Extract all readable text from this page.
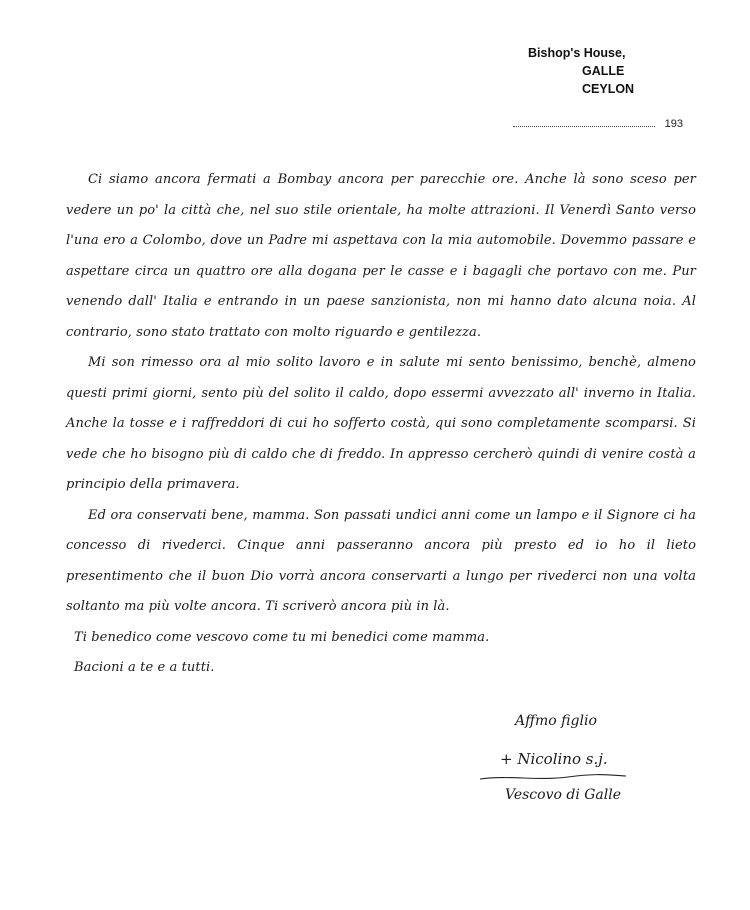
Bishop's House,
GALLE
CEYLON
193

Ci siamo ancora fermati a Bombay ancora per parecchie ore. Anche là sono sceso per vedere un po' la città che, nel suo stile orientale, ha molte attrazioni. Il Venerdì Santo verso l'una ero a Colombo, dove un Padre mi aspettava con la mia automobile. Dovemmo passare e aspettare circa un quattro ore alla dogana per le casse e i bagagli che portavo con me. Pur venendo dall' Italia e entrando in un paese sanzionista, non mi hanno dato alcuna noia. Al contrario, sono stato trattato con molto riguardo e gentilezza.

Mi son rimesso ora al mio solito lavoro e in salute mi sento benissimo, benchè, almeno questi primi giorni, sento più del solito il caldo, dopo essermi avvezzato all' inverno in Italia. Anche la tosse e i raffreddori di cui ho sofferto costà, qui sono completamente scomparsi. Si vede che ho bisogno più di caldo che di freddo. In appresso cercherò quindi di venire costà a principio della primavera.

Ed ora conservati bene, mamma. Son passati undici anni come un lampo e il Signore ci ha concesso di rivederci. Cinque anni passeranno ancora più presto ed io ho il lieto presentimento che il buon Dio vorrà ancora conservarti a lungo per rivederci non una volta soltanto ma più volte ancora. Ti scriverò ancora più in là.

Ti benedico come vescovo come tu mi benedici come mamma.

Bacioni a te e a tutti.

Affmo figlio
+ Nicolino s.j.
Vescovo di Galle
